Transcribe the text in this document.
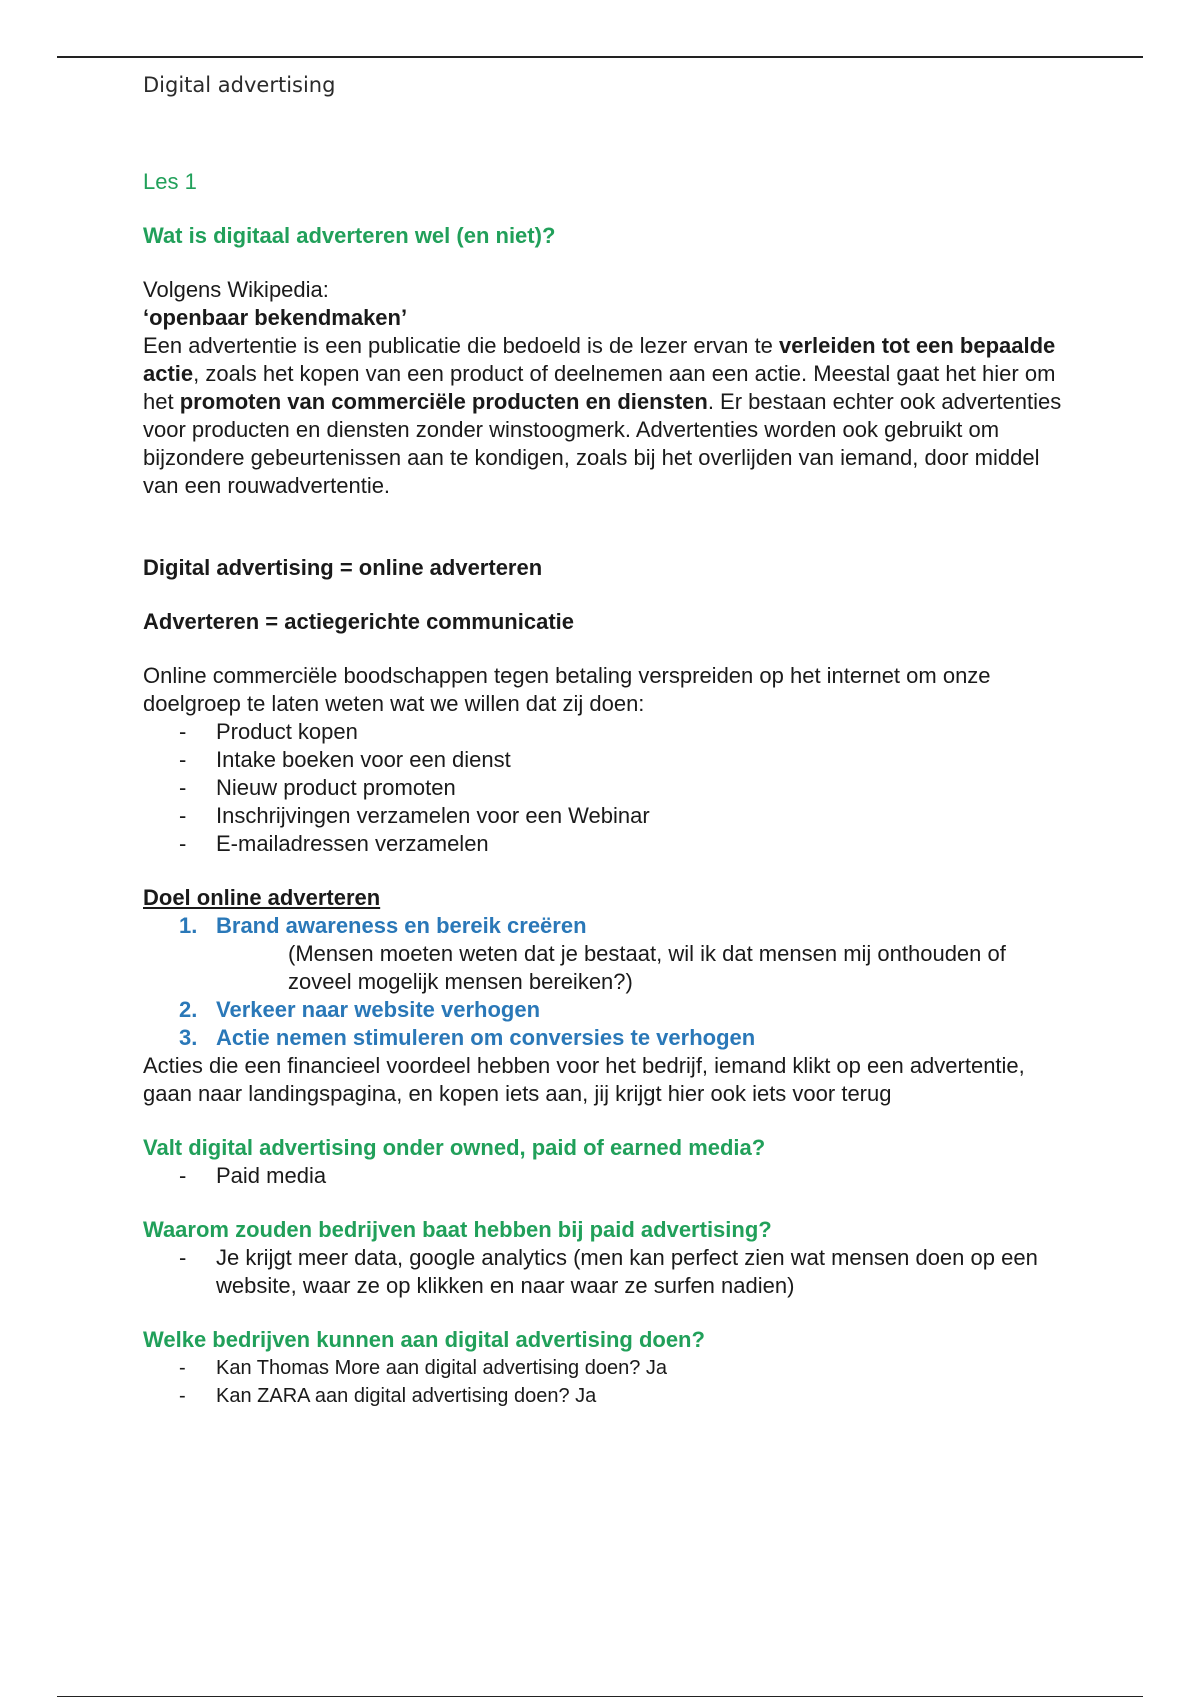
Digital advertising

Les 1

Wat is digitaal adverteren wel (en niet)?

Volgens Wikipedia:

‘openbaar bekendmaken’

Een advertentie is een publicatie die bedoeld is de lezer ervan te verleiden tot een bepaalde actie, zoals het kopen van een product of deelnemen aan een actie. Meestal gaat het hier om het promoten van commerciële producten en diensten. Er bestaan echter ook advertenties voor producten en diensten zonder winstoogmerk. Advertenties worden ook gebruikt om bijzondere gebeurtenissen aan te kondigen, zoals bij het overlijden van iemand, door middel van een rouwadvertentie.

Digital advertising = online adverteren

Adverteren = actiegerichte communicatie

Online commerciële boodschappen tegen betaling verspreiden op het internet om onze doelgroep te laten weten wat we willen dat zij doen:

- Product kopen
- Intake boeken voor een dienst
- Nieuw product promoten
- Inschrijvingen verzamelen voor een Webinar
- E-mailadressen verzamelen

Doel online adverteren

1. Brand awareness en bereik creëren

(Mensen moeten weten dat je bestaat, wil ik dat mensen mij onthouden of zoveel mogelijk mensen bereiken?)

2. Verkeer naar website verhogen
3. Actie nemen stimuleren om conversies te verhogen

Acties die een financieel voordeel hebben voor het bedrijf, iemand klikt op een advertentie, gaan naar landingspagina, en kopen iets aan, jij krijgt hier ook iets voor terug

Valt digital advertising onder owned, paid of earned media?

- Paid media

Waarom zouden bedrijven baat hebben bij paid advertising?

- Je krijgt meer data, google analytics (men kan perfect zien wat mensen doen op een website, waar ze op klikken en naar waar ze surfen nadien)

Welke bedrijven kunnen aan digital advertising doen?

- Kan Thomas More aan digital advertising doen? Ja
- Kan ZARA aan digital advertising doen? Ja
